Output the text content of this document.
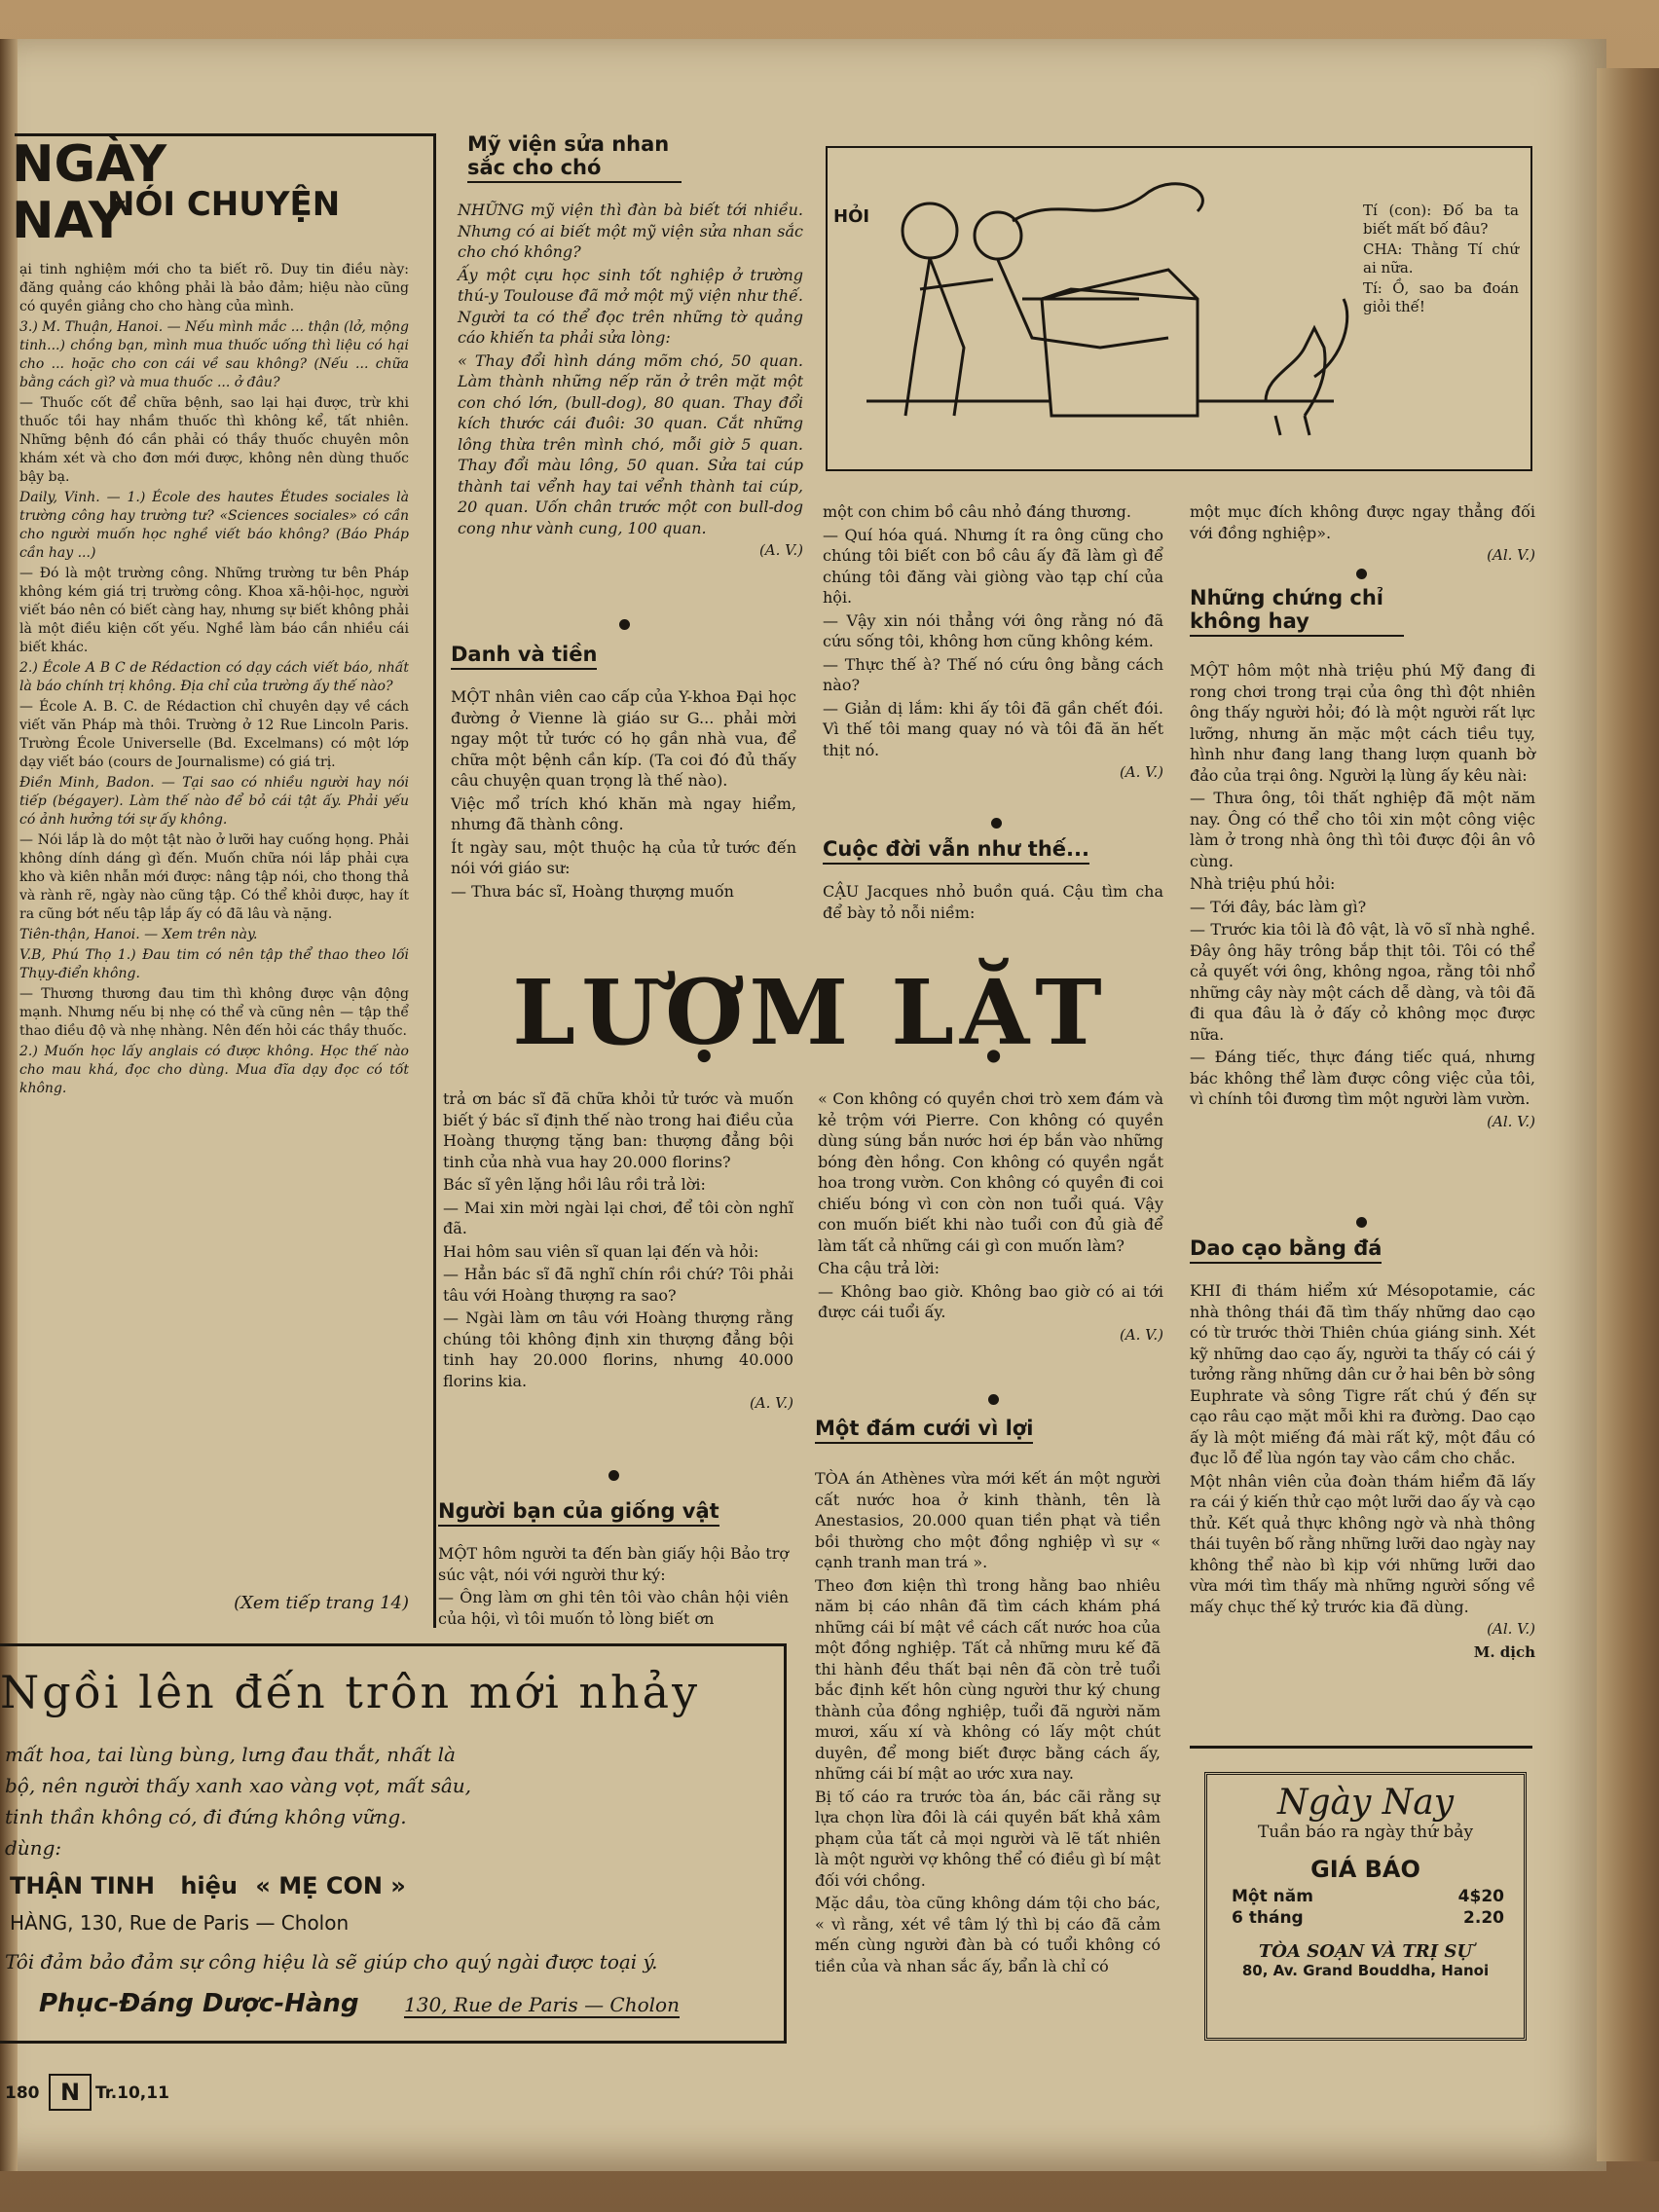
NGÀY NAY
NÓI CHUYỆN

ại tinh nghiệm mới cho ta biết rõ. Duy tin điều này: đăng quảng cáo không phải là bảo đảm; hiệu nào cũng có quyền giảng cho cho hàng của mình.

3.) M. Thuận, Hanoi. — Nếu mình mắc ... thận (lở, mộng tinh...) chồng bạn, mình mua thuốc uống thì liệu có hại cho ... hoặc cho con cái về sau không? (Nếu ... chữa bằng cách gì? và mua thuốc ... ở đâu?

— Thuốc cốt để chữa bệnh, sao lại hại được, trừ khi thuốc tồi hay nhầm thuốc thì không kể, tất nhiên. Những bệnh đó cần phải có thầy thuốc chuyên môn khám xét và cho đơn mới được, không nên dùng thuốc bậy bạ.

Daily, Vinh. — 1.) École des hautes Études sociales là trường công hay trường tư? «Sciences sociales» có cần cho người muốn học nghề viết báo không? (Báo Pháp cần hay ...)

— Đó là một trường công. Những trường tư bên Pháp không kém giá trị trường công. Khoa xã-hội-học, người viết báo nên có biết càng hay, nhưng sự biết không phải là một điều kiện cốt yếu. Nghề làm báo cần nhiều cái biết khác.

2.) École A B C de Rédaction có dạy cách viết báo, nhất là báo chính trị không. Địa chỉ của trường ấy thế nào?

— École A. B. C. de Rédaction chỉ chuyên dạy về cách viết văn Pháp mà thôi. Trường ở 12 Rue Lincoln Paris. Trường École Universelle (Bd. Excelmans) có một lớp dạy viết báo (cours de Journalisme) có giá trị.

Điền Minh, Badon. — Tại sao có nhiều người hay nói tiếp (bégayer). Làm thế nào để bỏ cái tật ấy. Phải yếu có ảnh hưởng tới sự ấy không.

— Nói lắp là do một tật nào ở lưỡi hay cuống họng. Phải không dính dáng gì đến. Muốn chữa nói lắp phải cựa kho và kiên nhẫn mới được: nâng tập nói, cho thong thả và rành rẽ, ngày nào cũng tập. Có thể khỏi được, hay ít ra cũng bớt nếu tập lắp ấy có đã lâu và nặng.

Tiên-thận, Hanoi. — Xem trên này.

V.B, Phú Thọ 1.) Đau tim có nên tập thể thao theo lối Thụy-điển không.

— Thương thương đau tim thì không được vận động mạnh. Nhưng nếu bị nhẹ có thể và cũng nên — tập thể thao điều độ và nhẹ nhàng. Nên đến hỏi các thầy thuốc.

2.) Muốn học lấy anglais có được không. Học thế nào cho mau khá, đọc cho dùng. Mua đĩa dạy đọc có tốt không.

(Xem tiếp trang 14)
Mỹ viện sửa nhan sắc cho chó

NHỮNG mỹ viện thì đàn bà biết tới nhiều. Nhưng có ai biết một mỹ viện sửa nhan sắc cho chó không?

Ấy một cựu học sinh tốt nghiệp ở trường thú-y Toulouse đã mở một mỹ viện như thế. Người ta có thể đọc trên những tờ quảng cáo khiến ta phải sửa lòng:

« Thay đổi hình dáng mõm chó, 50 quan. Làm thành những nếp răn ở trên mặt một con chó lớn, (bull-dog), 80 quan. Thay đổi kích thước cái đuôi: 30 quan. Cắt những lông thừa trên mình chó, mỗi giờ 5 quan. Thay đổi màu lông, 50 quan. Sửa tai cúp thành tai vểnh hay tai vểnh thành tai cúp, 20 quan. Uốn chân trước một con bull-dog cong như vành cung, 100 quan.

(A. V.)

Danh và tiền

MỘT nhân viên cao cấp của Y-khoa Đại học đường ở Vienne là giáo sư G... phải mời ngay một tử tước có họ gần nhà vua, để chữa một bệnh cần kíp. (Ta coi đó đủ thấy câu chuyện quan trọng là thế nào).

Việc mổ trích khó khăn mà ngay hiểm, nhưng đã thành công.

Ít ngày sau, một thuộc hạ của tử tước đến nói với giáo sư:

— Thưa bác sĩ, Hoàng thượng muốn

HỎI	Tí (con): Đố ba ta biết mất bố đâu?

CHA: Thằng Tí chứ ai nữa.

Tí: Ồ, sao ba đoán giỏi thế!

một con chim bồ câu nhỏ đáng thương.

— Quí hóa quá. Nhưng ít ra ông cũng cho chúng tôi biết con bồ câu ấy đã làm gì để chúng tôi đăng vài giòng vào tạp chí của hội.

— Vậy xin nói thẳng với ông rằng nó đã cứu sống tôi, không hơn cũng không kém.

— Thực thế à? Thế nó cứu ông bằng cách nào?

— Giản dị lắm: khi ấy tôi đã gần chết đói. Vì thế tôi mang quay nó và tôi đã ăn hết thịt nó.

(A. V.)

Cuộc đời vẫn như thế...

CẬU Jacques nhỏ buồn quá. Cậu tìm cha để bày tỏ nỗi niềm:

một mục đích không được ngay thẳng đối với đồng nghiệp».

(Al. V.)

Những chứng chỉ không hay

MỘT hôm một nhà triệu phú Mỹ đang đi rong chơi trong trại của ông thì đột nhiên ông thấy người hỏi; đó là một người rất lực lưỡng, nhưng ăn mặc một cách tiều tụy, hình như đang lang thang lượn quanh bờ đảo của trại ông. Người lạ lùng ấy kêu nài:

— Thưa ông, tôi thất nghiệp đã một năm nay. Ông có thể cho tôi xin một công việc làm ở trong nhà ông thì tôi được đội ân vô cùng.

Nhà triệu phú hỏi:

— Tới đây, bác làm gì?

— Trước kia tôi là đô vật, là võ sĩ nhà nghề. Đây ông hãy trông bắp thịt tôi. Tôi có thể cả quyết với ông, không ngoa, rằng tôi nhổ những cây này một cách dễ dàng, và tôi đã đi qua đâu là ở đấy cỏ không mọc được nữa.

— Đáng tiếc, thực đáng tiếc quá, nhưng bác không thể làm được công việc của tôi, vì chính tôi đương tìm một người làm vườn.

(Al. V.)

LƯỢM LẶT

trả ơn bác sĩ đã chữa khỏi tử tước và muốn biết ý bác sĩ định thế nào trong hai điều của Hoàng thượng tặng ban: thượng đẳng bội tinh của nhà vua hay 20.000 florins?

Bác sĩ yên lặng hồi lâu rồi trả lời:

— Mai xin mời ngài lại chơi, để tôi còn nghĩ đã.

Hai hôm sau viên sĩ quan lại đến và hỏi:

— Hẳn bác sĩ đã nghĩ chín rồi chứ? Tôi phải tâu với Hoàng thượng ra sao?

— Ngài làm ơn tâu với Hoàng thượng rằng chúng tôi không định xin thượng đẳng bội tinh hay 20.000 florins, nhưng 40.000 florins kia.

(A. V.)

Người bạn của giống vật

MỘT hôm người ta đến bàn giấy hội Bảo trợ súc vật, nói với người thư ký:

— Ông làm ơn ghi tên tôi vào chân hội viên của hội, vì tôi muốn tỏ lòng biết ơn

« Con không có quyền chơi trò xem đám và kẻ trộm với Pierre. Con không có quyền dùng súng bắn nước hơi ép bắn vào những bóng đèn hồng. Con không có quyền ngắt hoa trong vườn. Con không có quyền đi coi chiếu bóng vì con còn non tuổi quá. Vậy con muốn biết khi nào tuổi con đủ già để làm tất cả những cái gì con muốn làm?

Cha cậu trả lời:

— Không bao giờ. Không bao giờ có ai tới được cái tuổi ấy.

(A. V.)

Một đám cưới vì lợi

TÒA án Athènes vừa mới kết án một người cất nước hoa ở kinh thành, tên là Anestasios, 20.000 quan tiền phạt và tiền bồi thường cho một đồng nghiệp vì sự « cạnh tranh man trá ».

Theo đơn kiện thì trong hằng bao nhiêu năm bị cáo nhân đã tìm cách khám phá những cái bí mật về cách cất nước hoa của một đồng nghiệp. Tất cả những mưu kế đã thi hành đều thất bại nên đã còn trẻ tuổi bắc định kết hôn cùng người thư ký chung thành của đồng nghiệp, tuổi đã người năm mươi, xấu xí và không có lấy một chút duyên, để mong biết được bằng cách ấy, những cái bí mật ao ước xưa nay.

Bị tố cáo ra trước tòa án, bác cãi rằng sự lựa chọn lừa đôi là cái quyền bất khả xâm phạm của tất cả mọi người và lẽ tất nhiên là một người vợ không thể có điều gì bí mật đối với chồng.

Mặc dầu, tòa cũng không dám tội cho bác, « vì rằng, xét về tâm lý thì bị cáo đã cảm mến cùng người đàn bà có tuổi không có tiền của và nhan sắc ấy, bẩn là chỉ có

Dao cạo bằng đá

KHI đi thám hiểm xứ Mésopotamie, các nhà thông thái đã tìm thấy những dao cạo có từ trước thời Thiên chúa giáng sinh. Xét kỹ những dao cạo ấy, người ta thấy có cái ý tưởng rằng những dân cư ở hai bên bờ sông Euphrate và sông Tigre rất chú ý đến sự cạo râu cạo mặt mỗi khi ra đường. Dao cạo ấy là một miếng đá mài rất kỹ, một đầu có đục lỗ để lùa ngón tay vào cầm cho chắc.

Một nhân viên của đoàn thám hiểm đã lấy ra cái ý kiến thử cạo một lưỡi dao ấy và cạo thử. Kết quả thực không ngờ và nhà thông thái tuyên bố rằng những lưỡi dao ngày nay không thể nào bì kịp với những lưỡi dao vừa mới tìm thấy mà những người sống về mấy chục thế kỷ trước kia đã dùng.

(Al. V.)

M. dịch

Ngày Nay
Tuần báo ra ngày thứ bảy
GIÁ BÁO
Một năm	4$20
6 tháng	2.20
TÒA SOẠN VÀ TRỊ SỰ
80, Av. Grand Bouddha, Hanoi
Ngồi lên đến trôn mới nhảy
mất hoa, tai lùng bùng, lưng đau thắt, nhất là
bộ, nên người thấy xanh xao vàng vọt, mất sâu,
tinh thần không có, đi đứng không vững.
dùng:
THẬN TINH hiệu « MẸ CON »
HÀNG, 130, Rue de Paris — Cholon
Tôi đảm bảo đảm sự công hiệu là sẽ giúp cho quý ngài được toại ý.
Phục-Đáng Dược-Hàng 130, Rue de Paris — Cholon
180 N Tr.10,11
